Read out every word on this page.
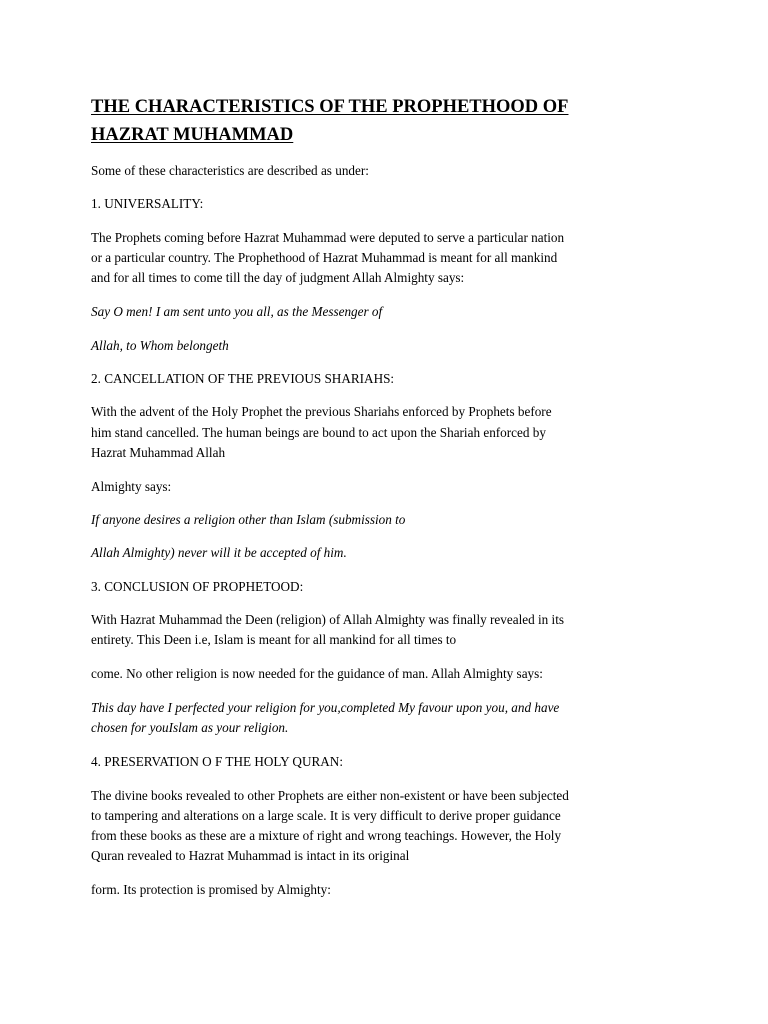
THE CHARACTERISTICS OF THE PROPHETHOOD OF
HAZRAT MUHAMMAD

Some of these characteristics are described as under:

1. UNIVERSALITY:

The Prophets coming before Hazrat Muhammad were deputed to serve a particular nation

or a particular country. The Prophethood of Hazrat Muhammad is meant for all mankind

and for all times to come till the day of judgment Allah Almighty says:

Say O men! I am sent unto you all, as the Messenger of

Allah, to Whom belongeth

2. CANCELLATION OF THE PREVIOUS SHARIAHS:

With the advent of the Holy Prophet the previous Shariahs enforced by Prophets before

him stand cancelled. The human beings are bound to act upon the Shariah enforced by

Hazrat Muhammad Allah

Almighty says:

If anyone desires a religion other than Islam (submission to

Allah Almighty) never will it be accepted of him.

3. CONCLUSION OF PROPHETOOD:

With Hazrat Muhammad the Deen (religion) of Allah Almighty was finally revealed in its

entirety. This Deen i.e, Islam is meant for all mankind for all times to

come. No other religion is now needed for the guidance of man. Allah Almighty says:

This day have I perfected your religion for you,completed My favour upon you, and have

chosen for youIslam as your religion.

4. PRESERVATION O F THE HOLY QURAN:

The divine books revealed to other Prophets are either non-existent or have been subjected

to tampering and alterations on a large scale. It is very difficult to derive proper guidance

from these books as these are a mixture of right and wrong teachings. However, the Holy

Quran revealed to Hazrat Muhammad is intact in its original

form. Its protection is promised by Almighty:
